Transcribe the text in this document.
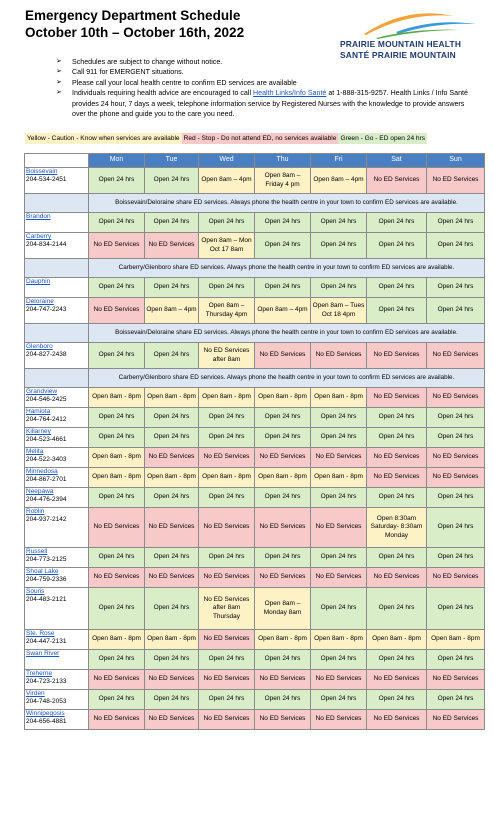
Emergency Department Schedule
October 10th – October 16th, 2022
PRAIRIE MOUNTAIN HEALTH
SANTÉ PRAIRIE MOUNTAIN
➢ Schedules are subject to change without notice.
➢ Call 911 for EMERGENT situations.
➢ Please call your local health centre to confirm ED services are available
➢ Individuals requiring health advice are encouraged to call Health Links/Info Santé at 1-888-315-9257. Health Links / Info Santé provides 24 hour, 7 days a week, telephone information service by Registered Nurses with the knowledge to provide answers over the phone and guide you to the care you need.
Yellow - Caution - Know when services are available Red - Stop - Do not attend ED, no services available Green - Go - ED open 24 hrs
	Mon	Tue	Wed	Thu	Fri	Sat	Sun

Boissevain
204-534-2451	Open 24 hrs	Open 24 hrs	Open 8am – 4pm	Open 8am – Friday 4 pm	Open 8am – 4pm	No ED Services	No ED Services
	Boissevain/Deloraine share ED services. Always phone the health centre in your town to confirm ED services are available.						

Brandon	Open 24 hrs	Open 24 hrs	Open 24 hrs	Open 24 hrs	Open 24 hrs	Open 24 hrs	Open 24 hrs

Carberry
204-834-2144	No ED Services	No ED Services	Open 8am – Mon Oct 17 8am	Open 24 hrs	Open 24 hrs	Open 24 hrs	Open 24 hrs
	Carberry/Glenboro share ED services. Always phone the health centre in your town to confirm ED services are available.						

Dauphin	Open 24 hrs	Open 24 hrs	Open 24 hrs	Open 24 hrs	Open 24 hrs	Open 24 hrs	Open 24 hrs

Deloraine
204-747-2243	No ED Services	Open 8am – 4pm	Open 8am – Thursday 4pm	Open 8am – 4pm	Open 8am – Tues Oct 18 4pm	Open 24 hrs	Open 24 hrs
	Boissevain/Deloraine share ED services. Always phone the health centre in your town to confirm ED services are available.						

Glenboro
204-827-2438	Open 24 hrs	Open 24 hrs	No ED Services after 8am	No ED Services	No ED Services	No ED Services	No ED Services
	Carberry/Glenboro share ED services. Always phone the health centre in your town to confirm ED services are available.						

Grandview
204-546-2425	Open 8am - 8pm	Open 8am - 8pm	Open 8am - 8pm	Open 8am - 8pm	Open 8am - 8pm	No ED Services	No ED Services

Hamiota
204-764-2412	Open 24 hrs	Open 24 hrs	Open 24 hrs	Open 24 hrs	Open 24 hrs	Open 24 hrs	Open 24 hrs

Killarney
204-523-4661	Open 24 hrs	Open 24 hrs	Open 24 hrs	Open 24 hrs	Open 24 hrs	Open 24 hrs	Open 24 hrs

Melita
204-522-3403	Open 8am - 8pm	No ED Services	No ED Services	No ED Services	No ED Services	No ED Services	No ED Services

Minnedosa
204-867-2701	Open 8am - 8pm	Open 8am - 8pm	Open 8am - 8pm	Open 8am - 8pm	Open 8am - 8pm	No ED Services	No ED Services

Neepawa
204-476-2394	Open 24 hrs	Open 24 hrs	Open 24 hrs	Open 24 hrs	Open 24 hrs	Open 24 hrs	Open 24 hrs

Roblin
204-937-2142	No ED Services	No ED Services	No ED Services	No ED Services	No ED Services	Open 8:30am Saturday- 8:30am Monday	Open 24 hrs

Russell
204-773-2125	Open 24 hrs	Open 24 hrs	Open 24 hrs	Open 24 hrs	Open 24 hrs	Open 24 hrs	Open 24 hrs

Shoal Lake
204-759-2336	No ED Services	No ED Services	No ED Services	No ED Services	No ED Services	No ED Services	No ED Services

Souris
204-483-2121	Open 24 hrs	Open 24 hrs	No ED Services after 8am Thursday	Open 8am – Monday 8am	Open 24 hrs	Open 24 hrs	Open 24 hrs

Ste. Rose
204-447-2131	Open 8am - 8pm	Open 8am - 8pm	No ED Services	Open 8am - 8pm	Open 8am - 8pm	Open 8am - 8pm	Open 8am - 8pm

Swan River	Open 24 hrs	Open 24 hrs	Open 24 hrs	Open 24 hrs	Open 24 hrs	Open 24 hrs	Open 24 hrs

Treherne
204-723-2133	No ED Services	No ED Services	No ED Services	No ED Services	No ED Services	No ED Services	No ED Services

Virden
204-748-2053	Open 24 hrs	Open 24 hrs	Open 24 hrs	Open 24 hrs	Open 24 hrs	Open 24 hrs	Open 24 hrs

Winnipegosis
204-656-4881	No ED Services	No ED Services	No ED Services	No ED Services	No ED Services	No ED Services	No ED Services
